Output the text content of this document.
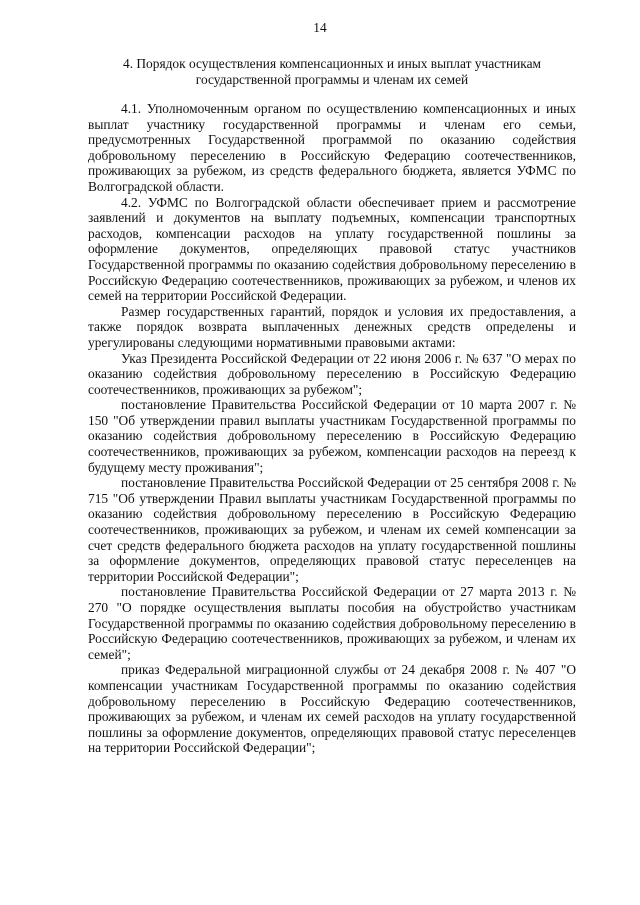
14
4. Порядок осуществления компенсационных и иных выплат участникам государственной программы и членам их семей

4.1. Уполномоченным органом по осуществлению компенсационных и иных выплат участнику государственной программы и членам его семьи, предусмотренных Государственной программой по оказанию содействия добровольному переселению в Российскую Федерацию соотечественников, проживающих за рубежом, из средств федерального бюджета, является УФМС по Волгоградской области.

4.2. УФМС по Волгоградской области обеспечивает прием и рассмотрение заявлений и документов на выплату подъемных, компенсации транспортных расходов, компенсации расходов на уплату государственной пошлины за оформление документов, определяющих правовой статус участников Государственной программы по оказанию содействия добровольному переселению в Российскую Федерацию соотечественников, проживающих за рубежом, и членов их семей на территории Российской Федерации.

Размер государственных гарантий, порядок и условия их предоставления, а также порядок возврата выплаченных денежных средств определены и урегулированы следующими нормативными правовыми актами:

Указ Президента Российской Федерации от 22 июня 2006 г. № 637 "О мерах по оказанию содействия добровольному переселению в Российскую Федерацию соотечественников, проживающих за рубежом";

постановление Правительства Российской Федерации от 10 марта 2007 г. № 150 "Об утверждении правил выплаты участникам Государственной программы по оказанию содействия добровольному переселению в Российскую Федерацию соотечественников, проживающих за рубежом, компенсации расходов на переезд к будущему месту проживания";

постановление Правительства Российской Федерации от 25 сентября 2008 г. № 715 "Об утверждении Правил выплаты участникам Государственной программы по оказанию содействия добровольному переселению в Российскую Федерацию соотечественников, проживающих за рубежом, и членам их семей компенсации за счет средств федерального бюджета расходов на уплату государственной пошлины за оформление документов, определяющих правовой статус переселенцев на территории Российской Федерации";

постановление Правительства Российской Федерации от 27 марта 2013 г. № 270 "О порядке осуществления выплаты пособия на обустройство участникам Государственной программы по оказанию содействия добровольному переселению в Российскую Федерацию соотечественников, проживающих за рубежом, и членам их семей";

приказ Федеральной миграционной службы от 24 декабря 2008 г. № 407 "О компенсации участникам Государственной программы по оказанию содействия добровольному переселению в Российскую Федерацию соотечественников, проживающих за рубежом, и членам их семей расходов на уплату государственной пошлины за оформление документов, определяющих правовой статус переселенцев на территории Российской Федерации";
